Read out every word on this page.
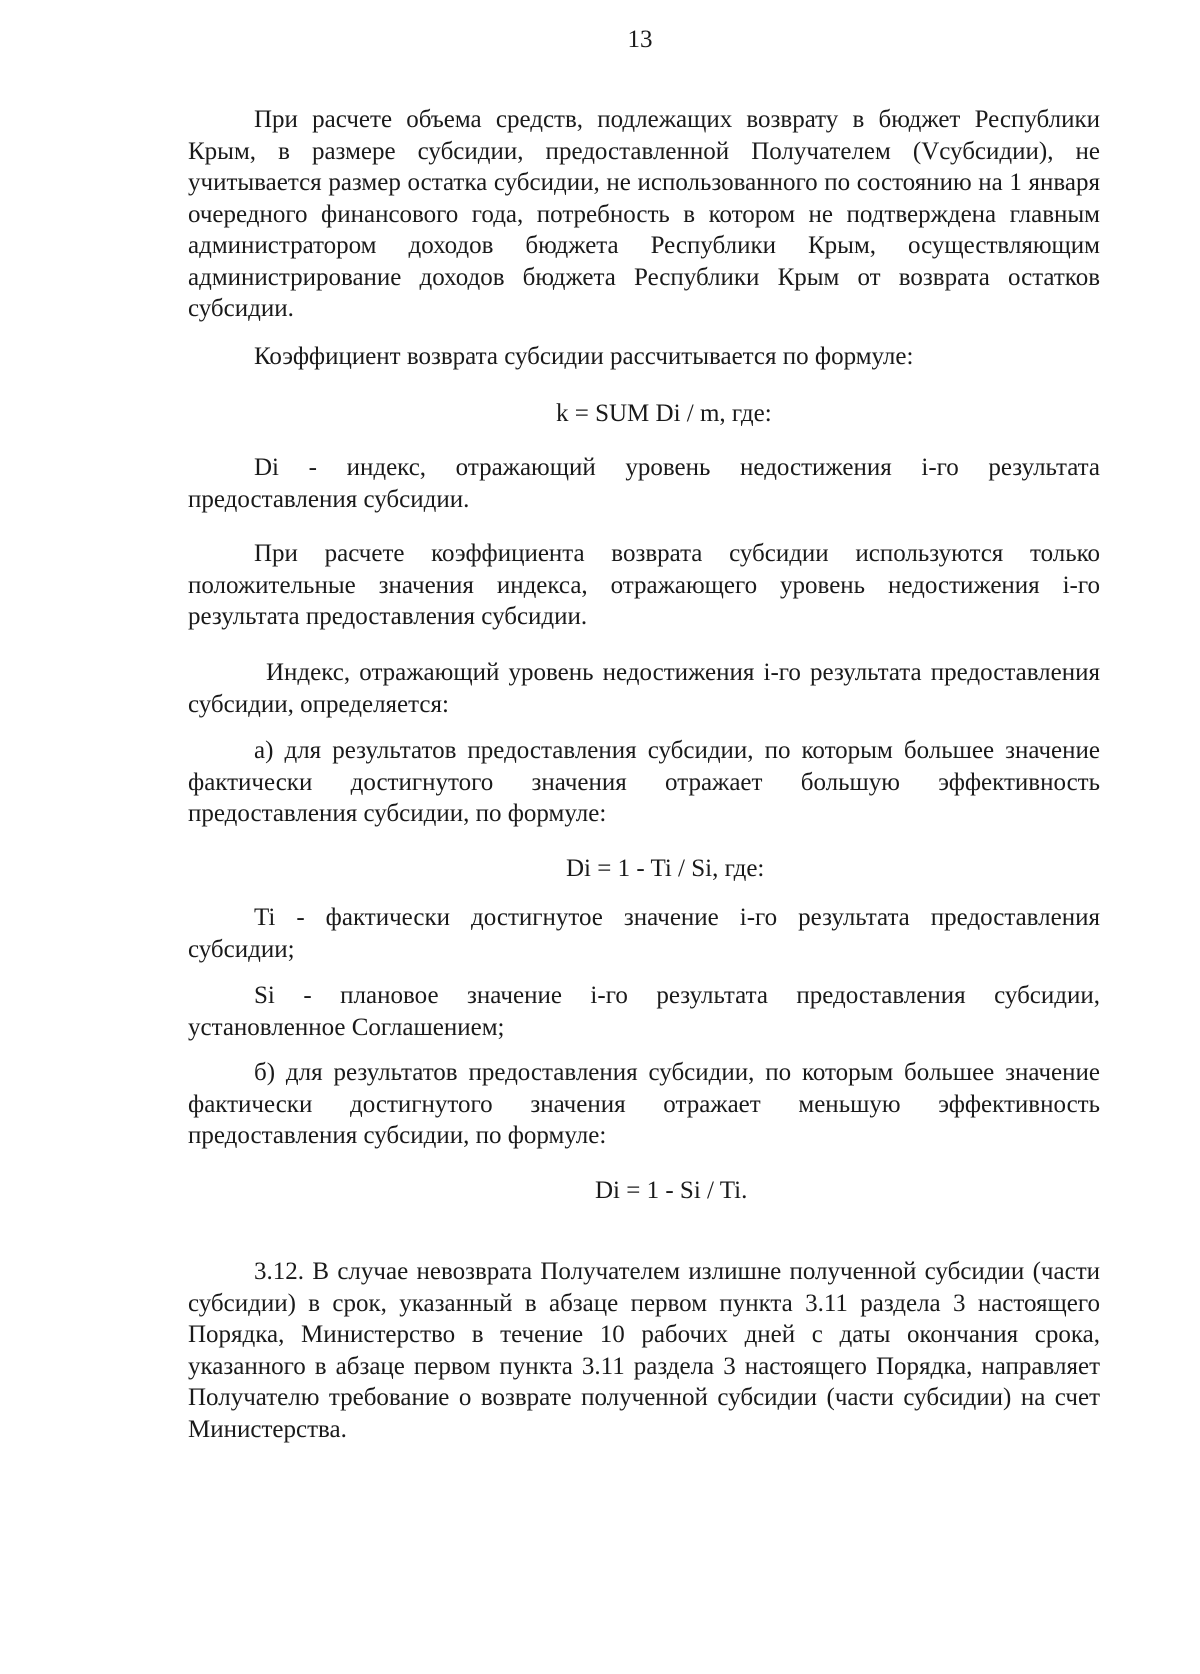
13

При расчете объема средств, подлежащих возврату в бюджет Республики Крым, в размере субсидии, предоставленной Получателем (Vсубсидии), не учитывается размер остатка субсидии, не использованного по состоянию на 1 января очередного финансового года, потребность в котором не подтверждена главным администратором доходов бюджета Республики Крым, осуществляющим администрирование доходов бюджета Республики Крым от возврата остатков субсидии.

Коэффициент возврата субсидии рассчитывается по формуле:

k = SUM Di / m, где:

Di - индекс, отражающий уровень недостижения i-го результата предоставления субсидии.

При расчете коэффициента возврата субсидии используются только положительные значения индекса, отражающего уровень недостижения i-го результата предоставления субсидии.

Индекс, отражающий уровень недостижения i-го результата предоставления субсидии, определяется:

а) для результатов предоставления субсидии, по которым большее значение фактически достигнутого значения отражает большую эффективность предоставления субсидии, по формуле:

Di = 1 - Ti / Si, где:

Ti - фактически достигнутое значение i-го результата предоставления субсидии;

Si - плановое значение i-го результата предоставления субсидии, установленное Соглашением;

б) для результатов предоставления субсидии, по которым большее значение фактически достигнутого значения отражает меньшую эффективность предоставления субсидии, по формуле:

Di = 1 - Si / Ti.

3.12. В случае невозврата Получателем излишне полученной субсидии (части субсидии) в срок, указанный в абзаце первом пункта 3.11 раздела 3 настоящего Порядка, Министерство в течение 10 рабочих дней с даты окончания срока, указанного в абзаце первом пункта 3.11 раздела 3 настоящего Порядка, направляет Получателю требование о возврате полученной субсидии (части субсидии) на счет Министерства.
